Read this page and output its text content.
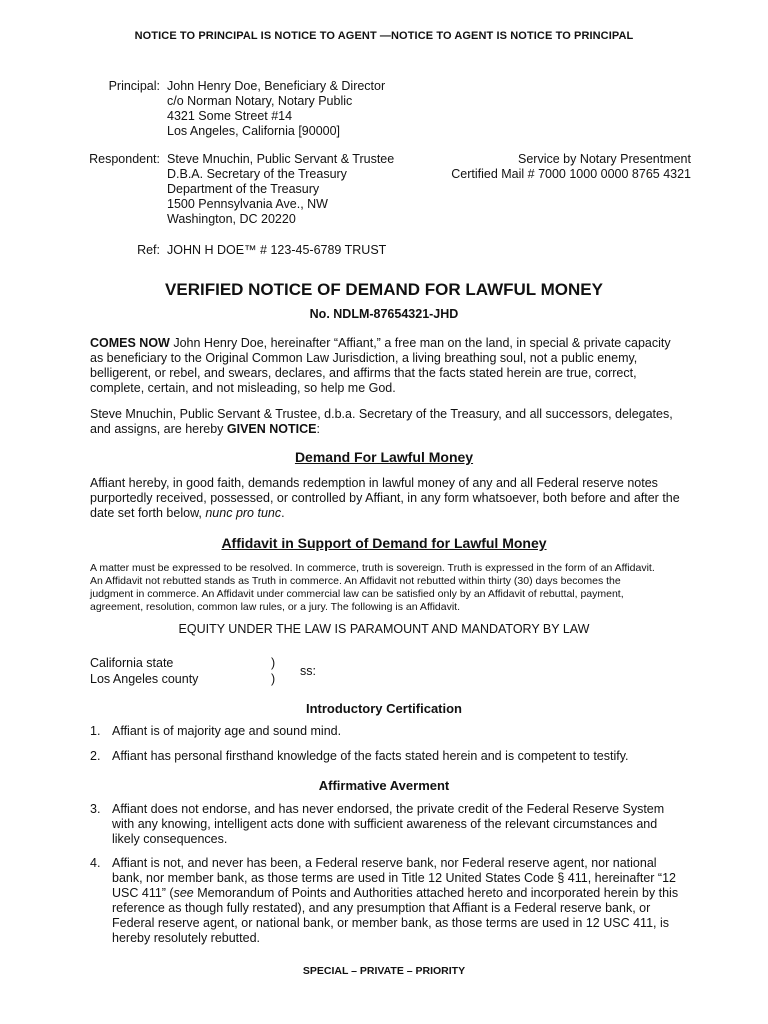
NOTICE TO PRINCIPAL IS NOTICE TO AGENT —NOTICE TO AGENT IS NOTICE TO PRINCIPAL
Principal: John Henry Doe, Beneficiary & Director
c/o Norman Notary, Notary Public
4321 Some Street #14
Los Angeles, California [90000]
Respondent: Steve Mnuchin, Public Servant & Trustee
D.B.A. Secretary of the Treasury
Department of the Treasury
1500 Pennsylvania Ave., NW
Washington, DC 20220
Service by Notary Presentment
Certified Mail # 7000 1000 0000 8765 4321
Ref: JOHN H DOE™ # 123-45-6789 TRUST
VERIFIED NOTICE OF DEMAND FOR LAWFUL MONEY
No. NDLM-87654321-JHD
COMES NOW John Henry Doe, hereinafter “Affiant,” a free man on the land, in special & private capacity as beneficiary to the Original Common Law Jurisdiction, a living breathing soul, not a public enemy, belligerent, or rebel, and swears, declares, and affirms that the facts stated herein are true, correct, complete, certain, and not misleading, so help me God.
Steve Mnuchin, Public Servant & Trustee, d.b.a. Secretary of the Treasury, and all successors, delegates, and assigns, are hereby GIVEN NOTICE:
Demand For Lawful Money
Affiant hereby, in good faith, demands redemption in lawful money of any and all Federal reserve notes purportedly received, possessed, or controlled by Affiant, in any form whatsoever, both before and after the date set forth below, nunc pro tunc.
Affidavit in Support of Demand for Lawful Money
A matter must be expressed to be resolved. In commerce, truth is sovereign. Truth is expressed in the form of an Affidavit. An Affidavit not rebutted stands as Truth in commerce. An Affidavit not rebutted within thirty (30) days becomes the judgment in commerce. An Affidavit under commercial law can be satisfied only by an Affidavit of rebuttal, payment, agreement, resolution, common law rules, or a jury. The following is an Affidavit.
EQUITY UNDER THE LAW IS PARAMOUNT AND MANDATORY BY LAW
California state
Los Angeles county
)
)
ss:
Introductory Certification
1. Affiant is of majority age and sound mind.
2. Affiant has personal firsthand knowledge of the facts stated herein and is competent to testify.
Affirmative Averment
3. Affiant does not endorse, and has never endorsed, the private credit of the Federal Reserve System with any knowing, intelligent acts done with sufficient awareness of the relevant circumstances and likely consequences.
4. Affiant is not, and never has been, a Federal reserve bank, nor Federal reserve agent, nor national bank, nor member bank, as those terms are used in Title 12 United States Code § 411, hereinafter “12 USC 411” (see Memorandum of Points and Authorities attached hereto and incorporated herein by this reference as though fully restated), and any presumption that Affiant is a Federal reserve bank, or Federal reserve agent, or national bank, or member bank, as those terms are used in 12 USC 411, is hereby resolutely rebutted.
SPECIAL – PRIVATE – PRIORITY
